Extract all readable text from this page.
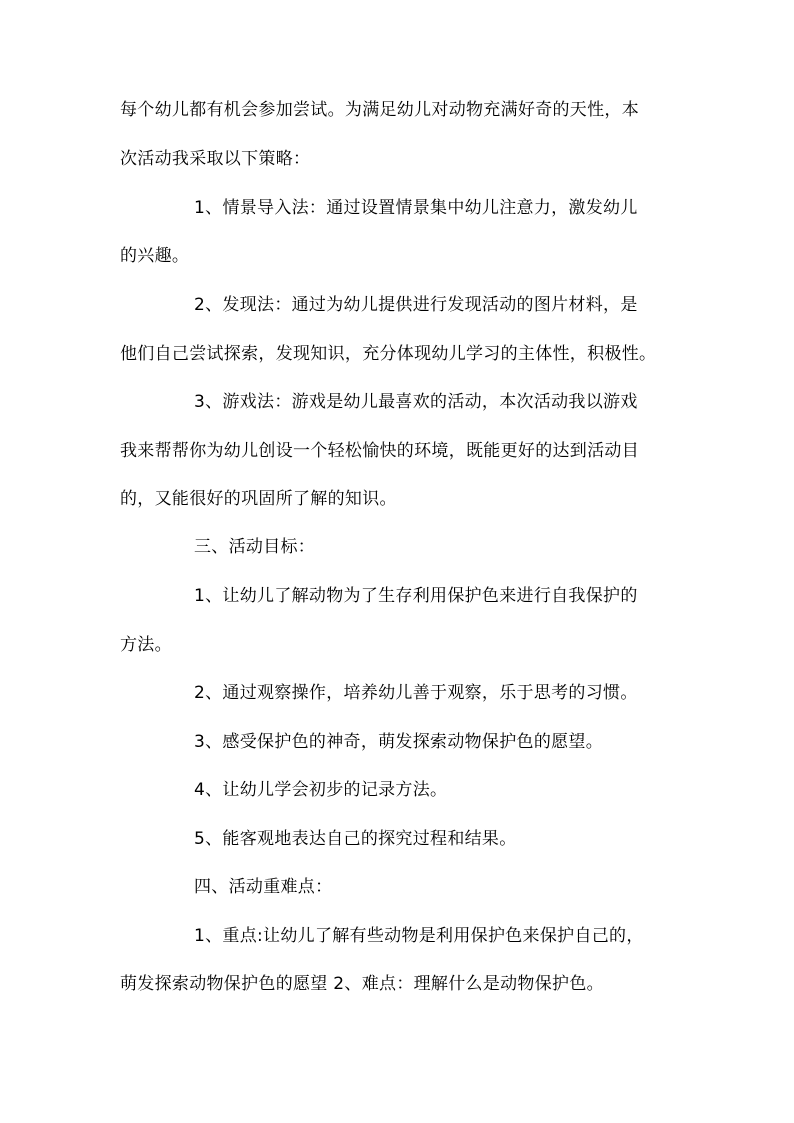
每个幼儿都有机会参加尝试。为满足幼儿对动物充满好奇的天性，本
次活动我采取以下策略：
1、情景导入法：通过设置情景集中幼儿注意力，激发幼儿
的兴趣。
2、发现法：通过为幼儿提供进行发现活动的图片材料，是
他们自己尝试探索，发现知识，充分体现幼儿学习的主体性，积极性。
3、游戏法：游戏是幼儿最喜欢的活动，本次活动我以游戏
我来帮帮你为幼儿创设一个轻松愉快的环境，既能更好的达到活动目
的，又能很好的巩固所了解的知识。
三、活动目标：
1、让幼儿了解动物为了生存利用保护色来进行自我保护的
方法。
2、通过观察操作，培养幼儿善于观察，乐于思考的习惯。
3、感受保护色的神奇，萌发探索动物保护色的愿望。
4、让幼儿学会初步的记录方法。
5、能客观地表达自己的探究过程和结果。
四、活动重难点：
1、重点:让幼儿了解有些动物是利用保护色来保护自己的，
萌发探索动物保护色的愿望 2、难点：理解什么是动物保护色。
